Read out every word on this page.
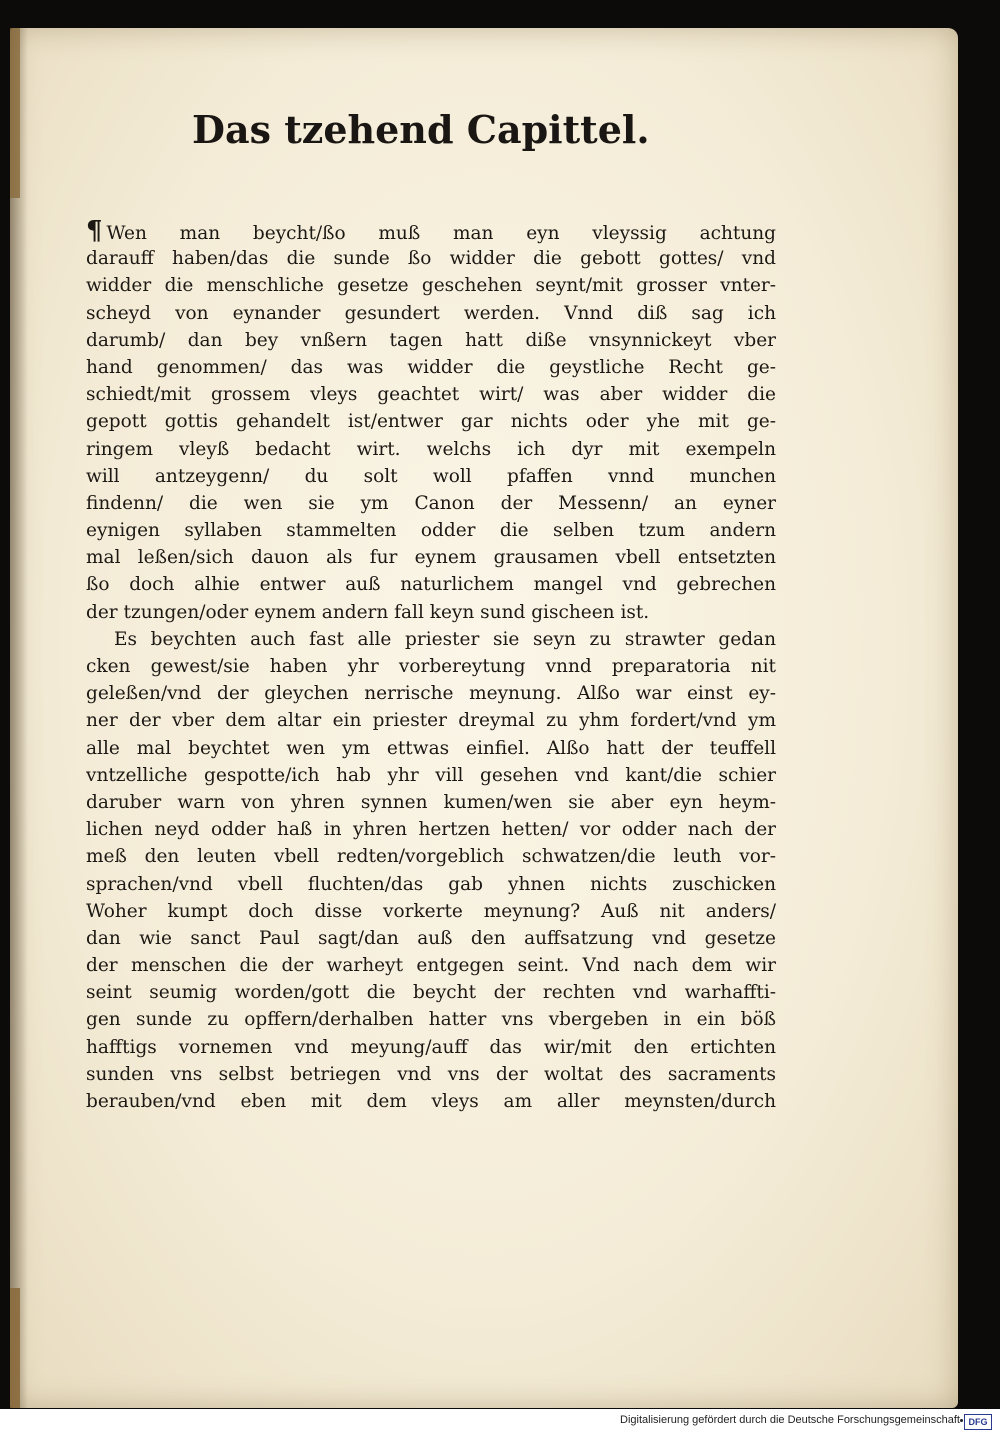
Das tzehend Capittel.
¶ Wen man beycht/ßo muß man eyn vleyssig achtung
darauff haben/das die sunde ßo widder die gebott gottes/ vnd
widder die menschliche gesetze geschehen seynt/mit grosser vnter-
scheyd von eynander gesundert werden. Vnnd diß sag ich
darumb/ dan bey vnßern tagen hatt diße vnsynnickeyt vber
hand genommen/ das was widder die geystliche Recht ge-
schiedt/mit grossem vleys geachtet wirt/ was aber widder die
gepott gottis gehandelt ist/entwer gar nichts oder yhe mit ge-
ringem vleyß bedacht wirt. welchs ich dyr mit exempeln
will antzeygenn/ du solt woll pfaffen vnnd munchen
findenn/ die wen sie ym Canon der Messenn/ an eyner
eynigen syllaben stammelten odder die selben tzum andern
mal leßen/sich dauon als fur eynem grausamen vbell entsetzten
ßo doch alhie entwer auß naturlichem mangel vnd gebrechen
der tzungen/oder eynem andern fall keyn sund gischeen ist.
Es beychten auch fast alle priester sie seyn zu strawter gedan
cken gewest/sie haben yhr vorbereytung vnnd preparatoria nit
geleßen/vnd der gleychen nerrische meynung. Alßo war einst ey-
ner der vber dem altar ein priester dreymal zu yhm fordert/vnd ym
alle mal beychtet wen ym ettwas einfiel. Alßo hatt der teuffell
vntzelliche gespotte/ich hab yhr vill gesehen vnd kant/die schier
daruber warn von yhren synnen kumen/wen sie aber eyn heym-
lichen neyd odder haß in yhren hertzen hetten/ vor odder nach der
meß den leuten vbell redten/vorgeblich schwatzen/die leuth vor-
sprachen/vnd vbell fluchten/das gab yhnen nichts zuschicken
Woher kumpt doch disse vorkerte meynung? Auß nit anders/
dan wie sanct Paul sagt/dan auß den auffsatzung vnd gesetze
der menschen die der warheyt entgegen seint. Vnd nach dem wir
seint seumig worden/gott die beycht der rechten vnd warhaffti-
gen sunde zu opffern/derhalben hatter vns vbergeben in ein böß
hafftigs vornemen vnd meyung/auff das wir/mit den ertichten
sunden vns selbst betriegen vnd vns der woltat des sacraments
berauben/vnd eben mit dem vleys am aller meynsten/durch
Digitalisierung gefördert durch die Deutsche Forschungsgemeinschaft DFG
